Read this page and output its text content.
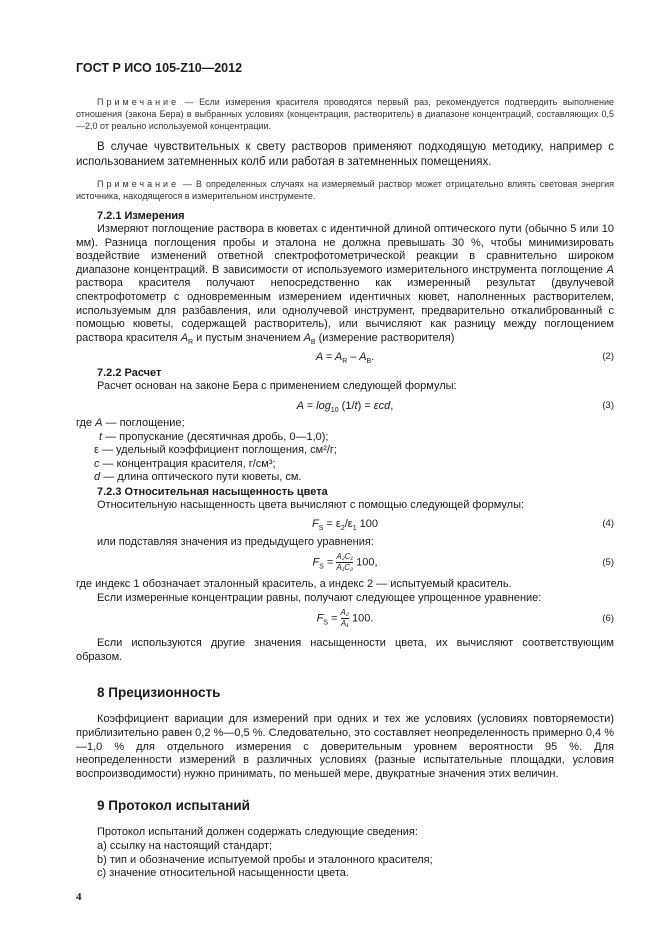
ГОСТ Р ИСО 105-Z10—2012
Примечание — Если измерения красителя проводятся первый раз, рекомендуется подтвердить выполнение отношения (закона Бера) в выбранных условиях (концентрация, растворитель) в диапазоне концентраций, составляющих 0,5—2,0 от реально используемой концентрации.
В случае чувствительных к свету растворов применяют подходящую методику, например с использованием затемненных колб или работая в затемненных помещениях.
Примечание — В определенных случаях на измеряемый раствор может отрицательно влиять световая энергия источника, находящегося в измерительном инструменте.
7.2.1 Измерения
Измеряют поглощение раствора в кюветах с идентичной длиной оптического пути (обычно 5 или 10 мм). Разница поглощения пробы и эталона не должна превышать 30 %, чтобы минимизировать воздействие изменений ответной спектрофотометрической реакции в сравнительно широком диапазоне концентраций. В зависимости от используемого измерительного инструмента поглощение A раствора красителя получают непосредственно как измеренный результат (двулучевой спектрофотометр с одновременным измерением идентичных кювет, наполненных растворителем, используемым для разбавления, или однолучевой инструмент, предварительно откалиброванный с помощью кюветы, содержащей растворитель), или вычисляют как разницу между поглощением раствора красителя $A_R$ и пустым значением $A_B$ (измерение растворителя)
$A = A_R - A_B$.	(2)
7.2.2 Расчет
Расчет основан на законе Бера с применением следующей формулы:
$A = \log_{10} (1/t) = \varepsilon cd$,	(3)
где A — поглощение;
t — пропускание (десятичная дробь, 0—1,0);
ε — удельный коэффициент поглощения, см²/г;
c — концентрация красителя, г/см³;
d — длина оптического пути кюветы, см.
7.2.3 Относительная насыщенность цвета
Относительную насыщенность цвета вычисляют с помощью следующей формулы:
$F_S = \varepsilon_2/\varepsilon_1$ 100	(4)
или подставляя значения из предыдущего уравнения:
$F_S = \frac{\text{A₂C₁}}{\text{A₁C₂}} 100$,	(5)
где индекс 1 обозначает эталонный краситель, а индекс 2 — испытуемый краситель.
Если измеренные концентрации равны, получают следующее упрощенное уравнение:
$F_S = \frac{\text{A₂}}{\text{A₁}} 100$.	(6)
Если используются другие значения насыщенности цвета, их вычисляют соответствующим образом.
8 Прецизионность
Коэффициент вариации для измерений при одних и тех же условиях (условиях повторяемости) приблизительно равен 0,2 %—0,5 %. Следовательно, это составляет неопределенность примерно 0,4 %—1,0 % для отдельного измерения с доверительным уровнем вероятности 95 %. Для неопределенности измерений в различных условиях (разные испытательные площадки, условия воспроизводимости) нужно принимать, по меньшей мере, двукратные значения этих величин.
9 Протокол испытаний
Протокол испытаний должен содержать следующие сведения:
a) ссылку на настоящий стандарт;
b) тип и обозначение испытуемой пробы и эталонного красителя;
c) значение относительной насыщенности цвета.
4
